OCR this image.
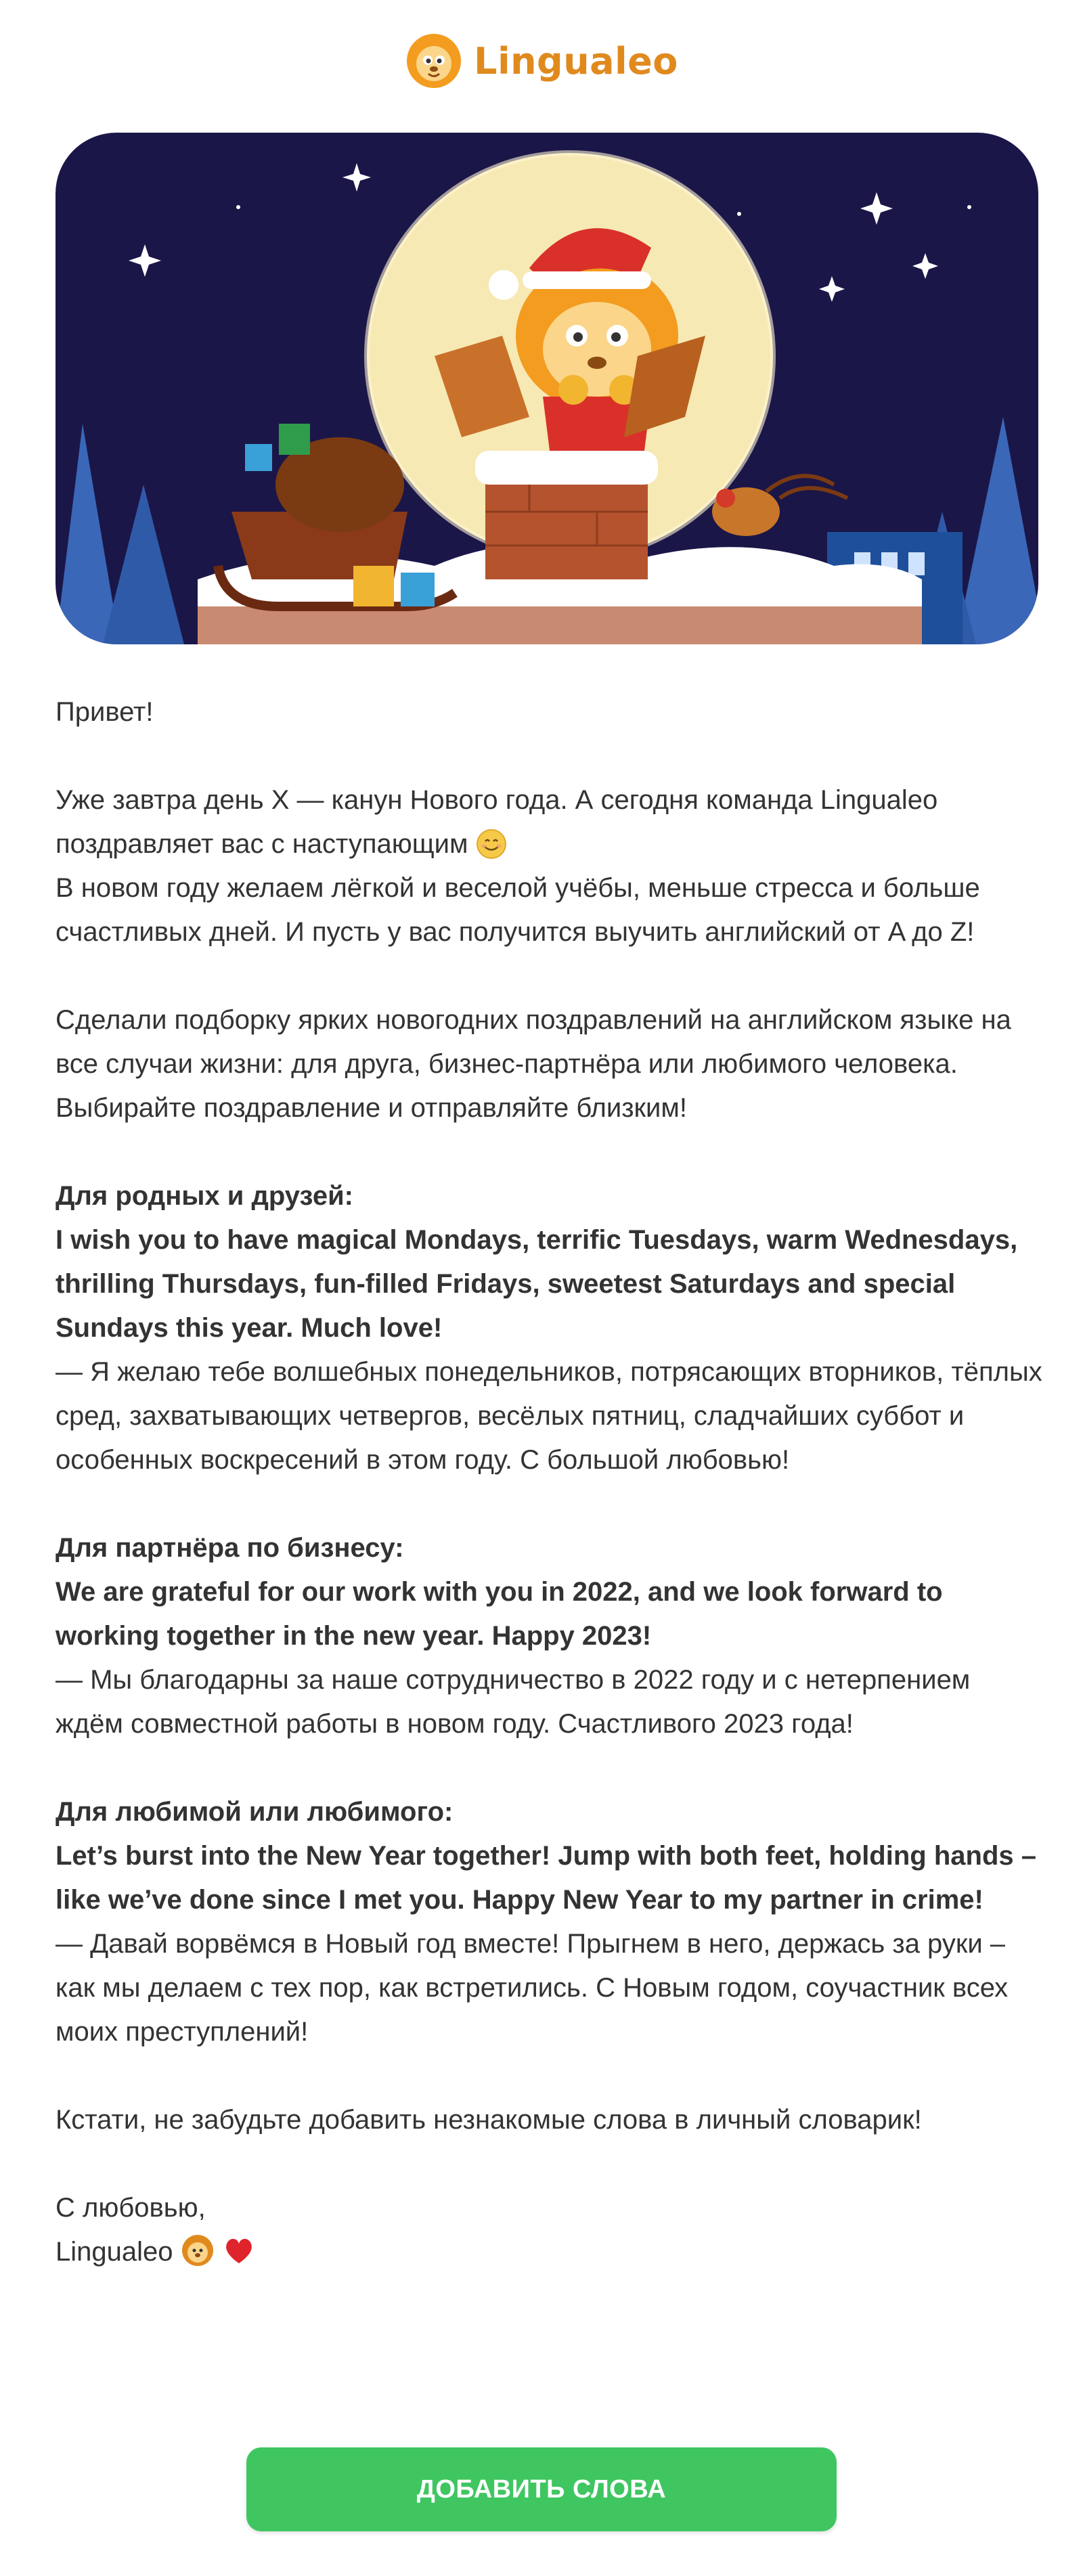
Lingualeo

Привет!

Уже завтра день X — канун Нового года. А сегодня команда Lingualeo поздравляет вас с наступающим
В новом году желаем лёгкой и веселой учёбы, меньше стресса и больше счастливых дней. И пусть у вас получится выучить английский от A до Z!

Сделали подборку ярких новогодних поздравлений на английском языке на все случаи жизни: для друга, бизнес-партнёра или любимого человека. Выбирайте поздравление и отправляйте близким!

Для родных и друзей:

I wish you to have magical Mondays, terrific Tuesdays, warm Wednesdays, thrilling Thursdays, fun-filled Fridays, sweetest Saturdays and special Sundays this year. Much love!

— Я желаю тебе волшебных понедельников, потрясающих вторников, тёплых сред, захватывающих четвергов, весёлых пятниц, сладчайших суббот и особенных воскресений в этом году. С большой любовью!

Для партнёра по бизнесу:

We are grateful for our work with you in 2022, and we look forward to working together in the new year. Happy 2023!

— Мы благодарны за наше сотрудничество в 2022 году и с нетерпением ждём совместной работы в новом году. Счастливого 2023 года!

Для любимой или любимого:

Let’s burst into the New Year together! Jump with both feet, holding hands – like we’ve done since I met you. Happy New Year to my partner in crime!

— Давай ворвёмся в Новый год вместе! Прыгнем в него, держась за руки – как мы делаем с тех пор, как встретились. С Новым годом, соучастник всех моих преступлений!

Кстати, не забудьте добавить незнакомые слова в личный словарик!

С любовью,

Lingualeo

ДОБАВИТЬ СЛОВА
